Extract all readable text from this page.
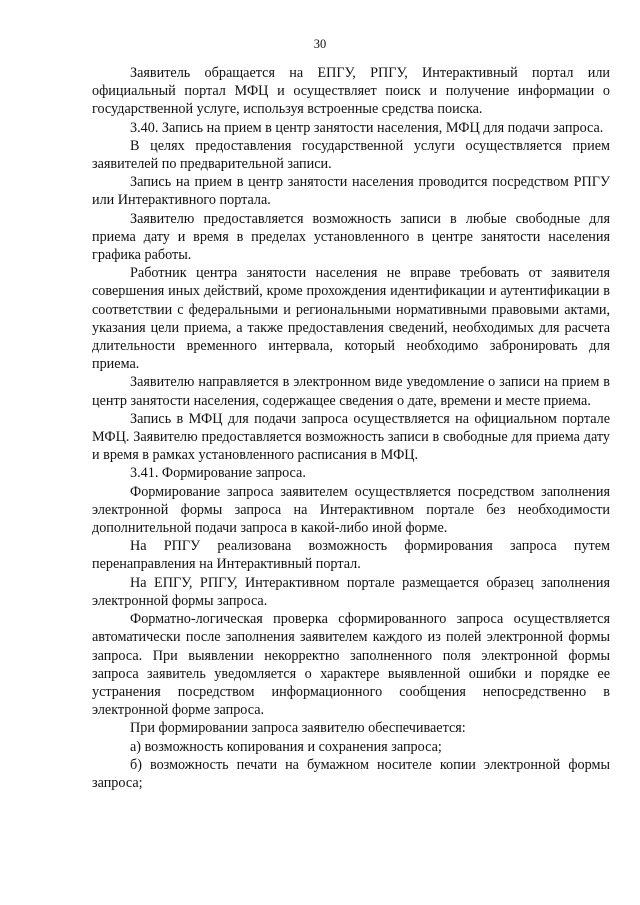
30

Заявитель обращается на ЕПГУ, РПГУ, Интерактивный портал или официальный портал МФЦ и осуществляет поиск и получение информации о государственной услуге, используя встроенные средства поиска.

3.40. Запись на прием в центр занятости населения, МФЦ для подачи запроса.

В целях предоставления государственной услуги осуществляется прием заявителей по предварительной записи.

Запись на прием в центр занятости населения проводится посредством РПГУ или Интерактивного портала.

Заявителю предоставляется возможность записи в любые свободные для приема дату и время в пределах установленного в центре занятости населения графика работы.

Работник центра занятости населения не вправе требовать от заявителя совершения иных действий, кроме прохождения идентификации и аутентификации в соответствии с федеральными и региональными нормативными правовыми актами, указания цели приема, а также предоставления сведений, необходимых для расчета длительности временного интервала, который необходимо забронировать для приема.

Заявителю направляется в электронном виде уведомление о записи на прием в центр занятости населения, содержащее сведения о дате, времени и месте приема.

Запись в МФЦ для подачи запроса осуществляется на официальном портале МФЦ. Заявителю предоставляется возможность записи в свободные для приема дату и время в рамках установленного расписания в МФЦ.

3.41. Формирование запроса.

Формирование запроса заявителем осуществляется посредством заполнения электронной формы запроса на Интерактивном портале без необходимости дополнительной подачи запроса в какой-либо иной форме.

На РПГУ реализована возможность формирования запроса путем перенаправления на Интерактивный портал.

На ЕПГУ, РПГУ, Интерактивном портале размещается образец заполнения электронной формы запроса.

Форматно-логическая проверка сформированного запроса осуществляется автоматически после заполнения заявителем каждого из полей электронной формы запроса. При выявлении некорректно заполненного поля электронной формы запроса заявитель уведомляется о характере выявленной ошибки и порядке ее устранения посредством информационного сообщения непосредственно в электронной форме запроса.

При формировании запроса заявителю обеспечивается:

а) возможность копирования и сохранения запроса;

б) возможность печати на бумажном носителе копии электронной формы запроса;
